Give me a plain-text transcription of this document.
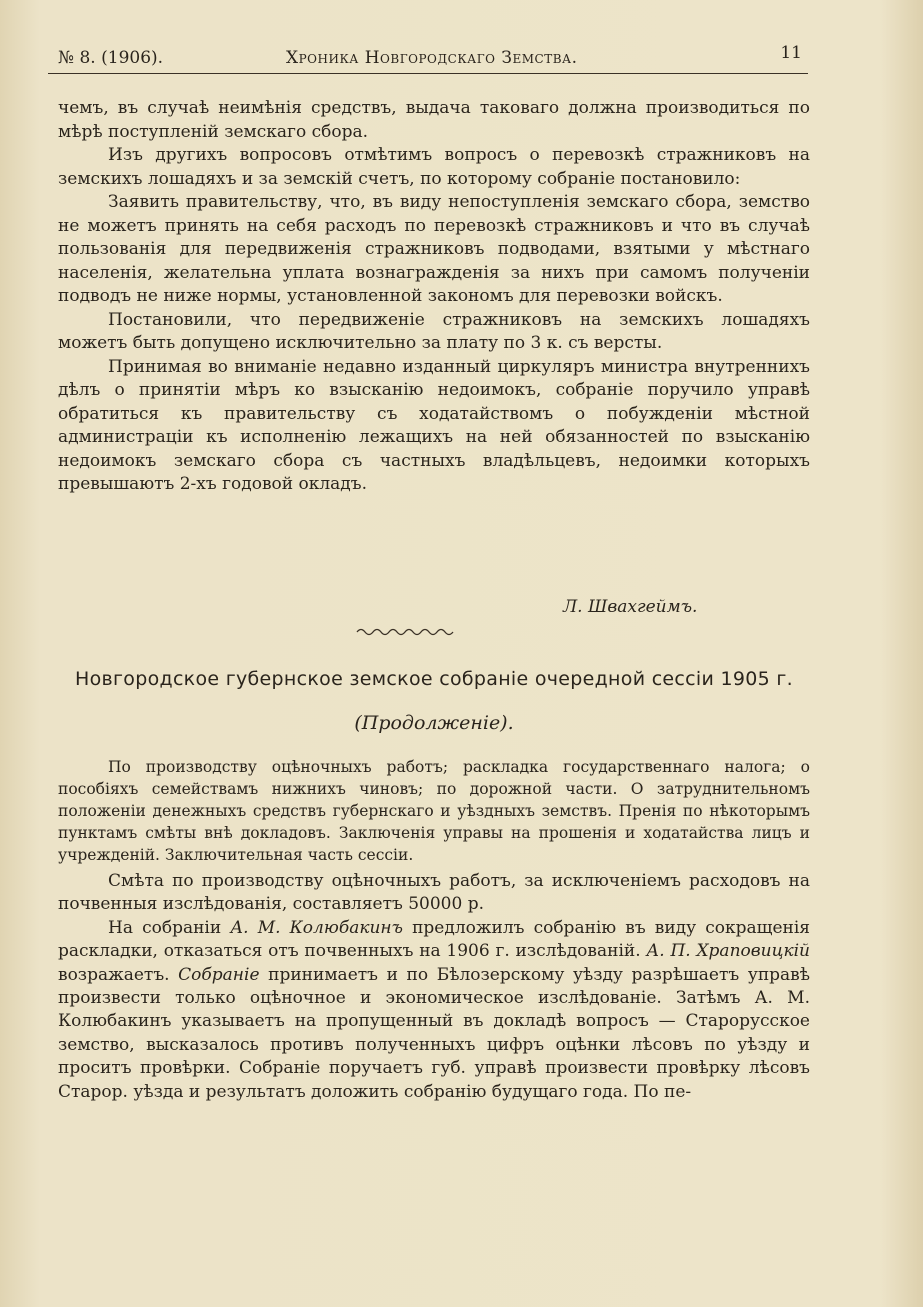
№ 8. (1906).	Хроника Новгородскаго Земства.	11

чемъ, въ случаѣ неимѣнія средствъ, выдача таковаго должна производиться по мѣрѣ поступленій земскаго сбора.

Изъ другихъ вопросовъ отмѣтимъ вопросъ о перевозкѣ стражниковъ на земскихъ лошадяхъ и за земскій счетъ, по которому собраніе постановило:

Заявить правительству, что, въ виду непоступленія земскаго сбора, земство не можетъ принять на себя расходъ по перевозкѣ стражниковъ и что въ случаѣ пользованія для передвиженія стражниковъ подводами, взятыми у мѣстнаго населенія, желательна уплата вознагражденія за нихъ при самомъ полученіи подводъ не ниже нормы, установленной закономъ для перевозки войскъ.

Постановили, что передвиженіе стражниковъ на земскихъ лошадяхъ можетъ быть допущено исключительно за плату по 3 к. съ версты.

Принимая во вниманіе недавно изданный циркуляръ министра внутреннихъ дѣлъ о принятіи мѣръ ко взысканію недоимокъ, собраніе поручило управѣ обратиться къ правительству съ ходатайствомъ о побужденіи мѣстной администраціи къ исполненію лежащихъ на ней обязанностей по взысканію недоимокъ земскаго сбора съ частныхъ владѣльцевъ, недоимки которыхъ превышаютъ 2-хъ годовой окладъ.

Л. Швахгеймъ.
Новгородское губернское земское собраніе очередной сессіи 1905 г.
(Продолженіе).

По производству оцѣночныхъ работъ; раскладка государственнаго налога; о пособіяхъ семействамъ нижнихъ чиновъ; по дорожной части. О затруднительномъ положеніи денежныхъ средствъ губернскаго и уѣздныхъ земствъ. Пренія по нѣкоторымъ пунктамъ смѣты внѣ докладовъ. Заключенія управы на прошенія и ходатайства лицъ и учрежденій. Заключительная часть сессіи.

Смѣта по производству оцѣночныхъ работъ, за исключеніемъ расходовъ на почвенныя изслѣдованія, составляетъ 50000 р.

На собраніи А. М. Колюбакинъ предложилъ собранію въ виду сокращенія раскладки, отказаться отъ почвенныхъ на 1906 г. изслѣдованій. А. П. Храповицкій возражаетъ. Собраніе принимаетъ и по Бѣлозерскому уѣзду разрѣшаетъ управѣ произвести только оцѣночное и экономическое изслѣдованіе. Затѣмъ А. М. Колюбакинъ указываетъ на пропущенный въ докладѣ вопросъ — Старорусское земство, высказалось противъ полученныхъ цифръ оцѣнки лѣсовъ по уѣзду и проситъ провѣрки. Собраніе поручаетъ губ. управѣ произвести провѣрку лѣсовъ Старор. уѣзда и результатъ доложить собранію будущаго года. По пе-
